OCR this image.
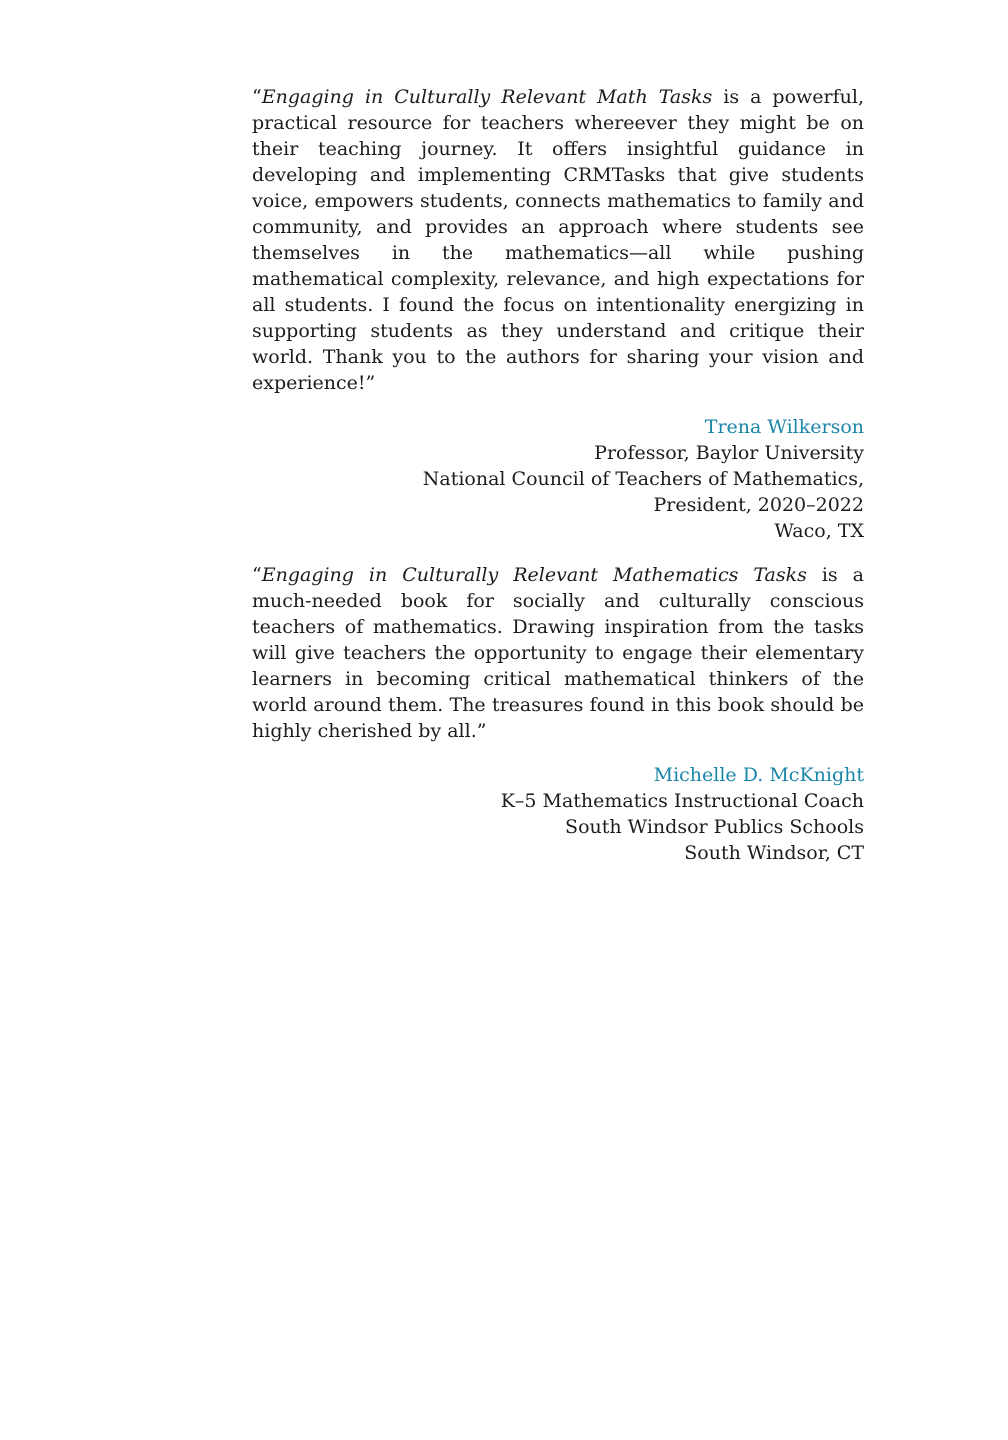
“Engaging in Culturally Relevant Math Tasks is a powerful, practical resource for teachers whereever they might be on their teaching journey. It offers insightful guidance in developing and implementing CRMTasks that give students voice, empowers students, connects mathematics to family and community, and provides an approach where students see themselves in the mathematics—all while pushing mathematical complexity, relevance, and high expectations for all students. I found the focus on intentionality energizing in supporting students as they understand and critique their world. Thank you to the authors for sharing your vision and experience!”

Trena Wilkerson
Professor, Baylor University
National Council of Teachers of Mathematics,
President, 2020–2022
Waco, TX

“Engaging in Culturally Relevant Mathematics Tasks is a much-needed book for socially and culturally conscious teachers of mathematics. Drawing inspiration from the tasks will give teachers the opportunity to engage their elementary learners in becoming critical mathematical thinkers of the world around them. The treasures found in this book should be highly cherished by all.”

Michelle D. McKnight
K–5 Mathematics Instructional Coach
South Windsor Publics Schools
South Windsor, CT
